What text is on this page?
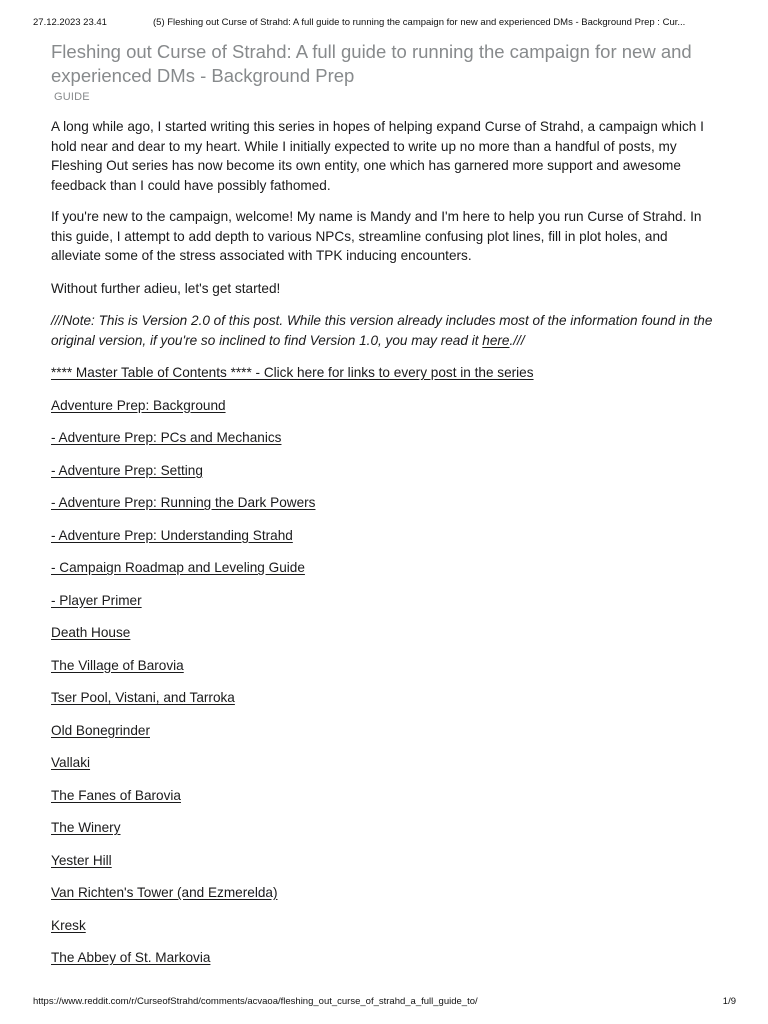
27.12.2023 23.41	(5) Fleshing out Curse of Strahd: A full guide to running the campaign for new and experienced DMs - Background Prep : Cur...
Fleshing out Curse of Strahd: A full guide to running the campaign for new and experienced DMs - Background Prep
GUIDE

A long while ago, I started writing this series in hopes of helping expand Curse of Strahd, a campaign which I hold near and dear to my heart. While I initially expected to write up no more than a handful of posts, my Fleshing Out series has now become its own entity, one which has garnered more support and awesome feedback than I could have possibly fathomed.

If you're new to the campaign, welcome! My name is Mandy and I'm here to help you run Curse of Strahd. In this guide, I attempt to add depth to various NPCs, streamline confusing plot lines, fill in plot holes, and alleviate some of the stress associated with TPK inducing encounters.

Without further adieu, let's get started!

///Note: This is Version 2.0 of this post. While this version already includes most of the information found in the original version, if you're so inclined to find Version 1.0, you may read it here.///

**** Master Table of Contents **** - Click here for links to every post in the series
Adventure Prep: Background
- Adventure Prep: PCs and Mechanics
- Adventure Prep: Setting
- Adventure Prep: Running the Dark Powers
- Adventure Prep: Understanding Strahd
- Campaign Roadmap and Leveling Guide
- Player Primer
Death House
The Village of Barovia
Tser Pool, Vistani, and Tarroka
Old Bonegrinder
Vallaki
The Fanes of Barovia
The Winery
Yester Hill
Van Richten's Tower (and Ezmerelda)
Kresk
The Abbey of St. Markovia
https://www.reddit.com/r/CurseofStrahd/comments/acvaoa/fleshing_out_curse_of_strahd_a_full_guide_to/	1/9
